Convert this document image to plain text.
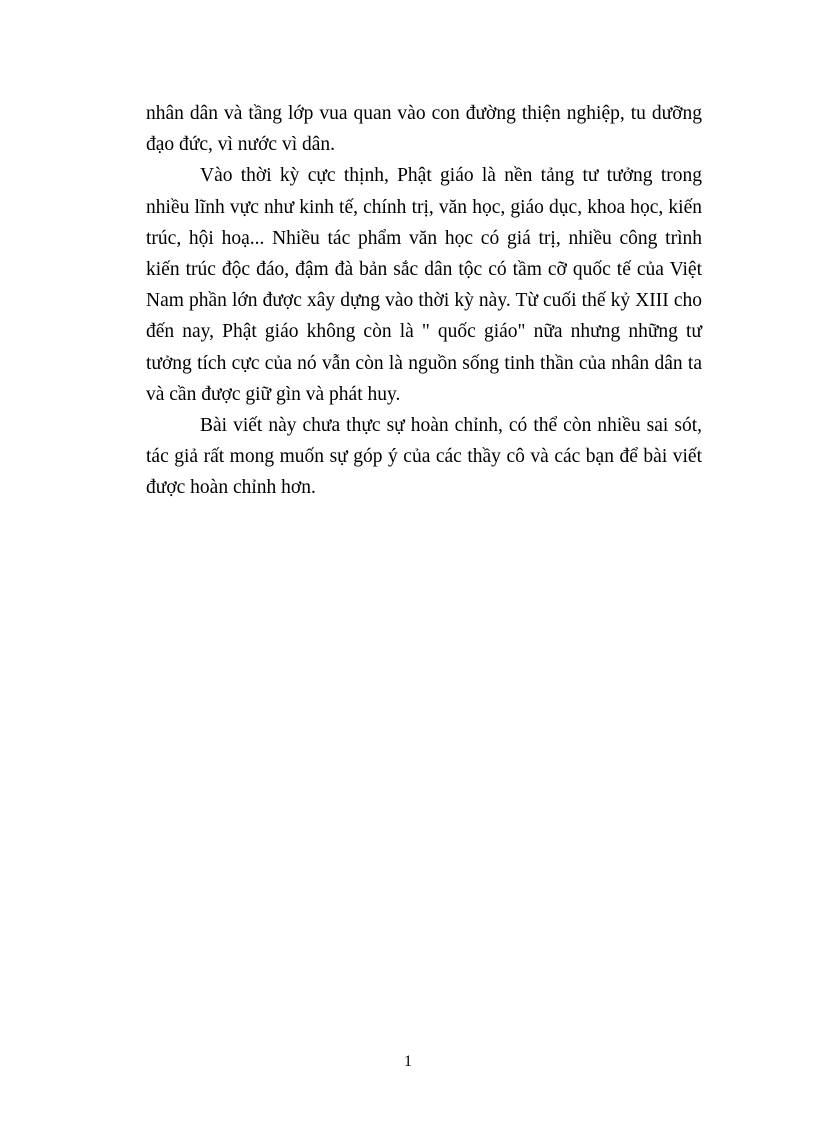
nhân dân và tầng lớp vua quan vào con đường thiện nghiệp, tu dưỡng đạo đức, vì nước vì dân.

Vào thời kỳ cực thịnh, Phật giáo là nền tảng tư tưởng trong nhiều lĩnh vực như kinh tế, chính trị, văn học, giáo dục, khoa học, kiến trúc, hội hoạ... Nhiều tác phẩm văn học có giá trị, nhiều công trình kiến trúc độc đáo, đậm đà bản sắc dân tộc có tầm cỡ quốc tế của Việt Nam phần lớn được xây dựng vào thời kỳ này. Từ cuối thế kỷ XIII cho đến nay, Phật giáo không còn là " quốc giáo" nữa nhưng những tư tưởng tích cực của nó vẫn còn là nguồn sống tinh thần của nhân dân ta và cần được giữ gìn và phát huy.

Bài viết này chưa thực sự hoàn chỉnh, có thể còn nhiều sai sót, tác giả rất mong muốn sự góp ý của các thầy cô và các bạn để bài viết được hoàn chỉnh hơn.

1
